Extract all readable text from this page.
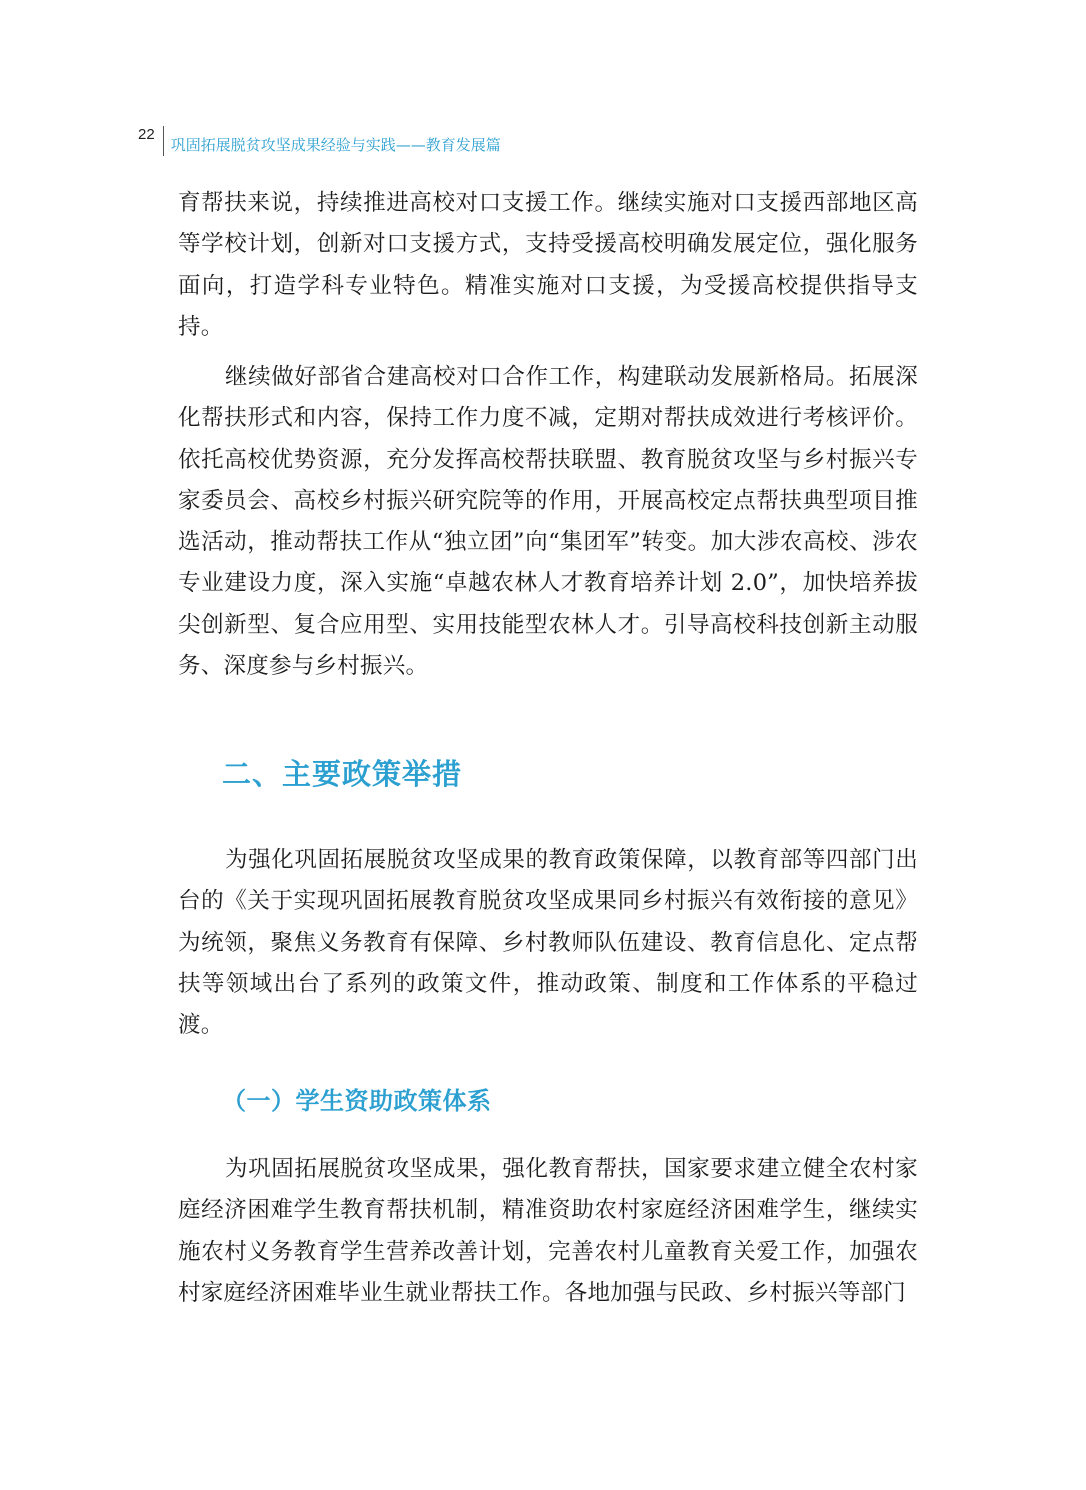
22
巩固拓展脱贫攻坚成果经验与实践——教育发展篇

育帮扶来说，持续推进高校对口支援工作。继续实施对口支援西部地区高等学校计划，创新对口支援方式，支持受援高校明确发展定位，强化服务面向，打造学科专业特色。精准实施对口支援，为受援高校提供指导支持。

继续做好部省合建高校对口合作工作，构建联动发展新格局。拓展深化帮扶形式和内容，保持工作力度不减，定期对帮扶成效进行考核评价。依托高校优势资源，充分发挥高校帮扶联盟、教育脱贫攻坚与乡村振兴专家委员会、高校乡村振兴研究院等的作用，开展高校定点帮扶典型项目推选活动，推动帮扶工作从“独立团”向“集团军”转变。加大涉农高校、涉农专业建设力度，深入实施“卓越农林人才教育培养计划 2.0”，加快培养拔尖创新型、复合应用型、实用技能型农林人才。引导高校科技创新主动服务、深度参与乡村振兴。

二、主要政策举措

为强化巩固拓展脱贫攻坚成果的教育政策保障，以教育部等四部门出台的《关于实现巩固拓展教育脱贫攻坚成果同乡村振兴有效衔接的意见》为统领，聚焦义务教育有保障、乡村教师队伍建设、教育信息化、定点帮扶等领域出台了系列的政策文件，推动政策、制度和工作体系的平稳过渡。

（一）学生资助政策体系

为巩固拓展脱贫攻坚成果，强化教育帮扶，国家要求建立健全农村家庭经济困难学生教育帮扶机制，精准资助农村家庭经济困难学生，继续实施农村义务教育学生营养改善计划，完善农村儿童教育关爱工作，加强农村家庭经济困难毕业生就业帮扶工作。各地加强与民政、乡村振兴等部门
